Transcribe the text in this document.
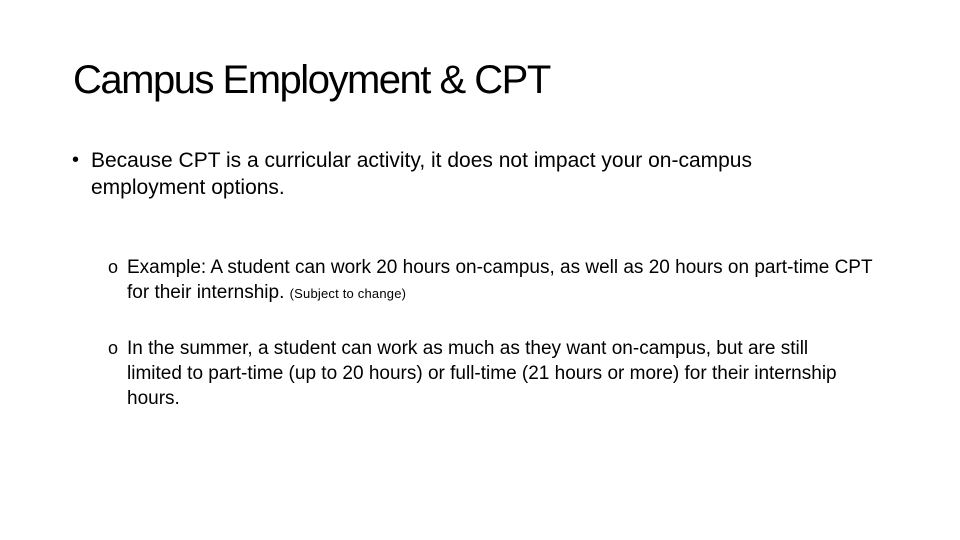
Campus Employment & CPT
• Because CPT is a curricular activity, it does not impact your on-campus employment options.
o Example: A student can work 20 hours on-campus, as well as 20 hours on part-time CPT for their internship. (Subject to change)
o In the summer, a student can work as much as they want on-campus, but are still limited to part-time (up to 20 hours) or full-time (21 hours or more) for their internship hours.
